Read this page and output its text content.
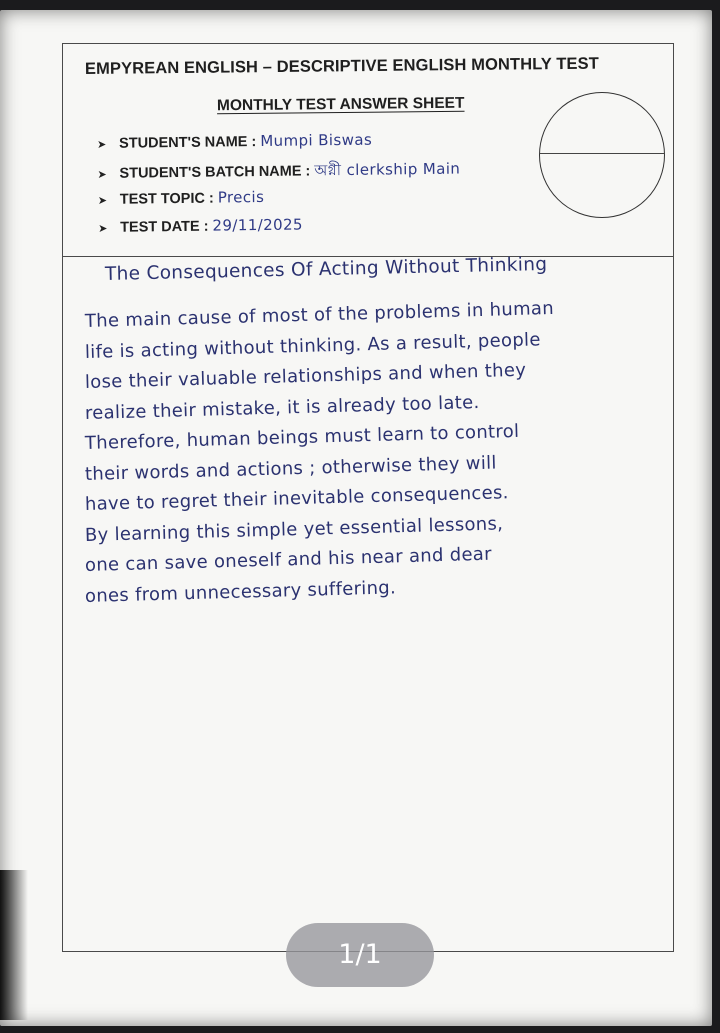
EMPYREAN ENGLISH – DESCRIPTIVE ENGLISH MONTHLY TEST
MONTHLY TEST ANSWER SHEET
➤ STUDENT'S NAME : Mumpi Biswas
➤ STUDENT'S BATCH NAME : অগ্নী clerkship Main
➤ TEST TOPIC : Precis
➤ TEST DATE : 29/11/2025
The Consequences Of Acting Without Thinking
The main cause of most of the problems in human
life is acting without thinking. As a result, people
lose their valuable relationships and when they
realize their mistake, it is already too late.
Therefore, human beings must learn to control
their words and actions ; otherwise they will
have to regret their inevitable consequences.
By learning this simple yet essential lessons,
one can save oneself and his near and dear
ones from unnecessary suffering.
1/1
